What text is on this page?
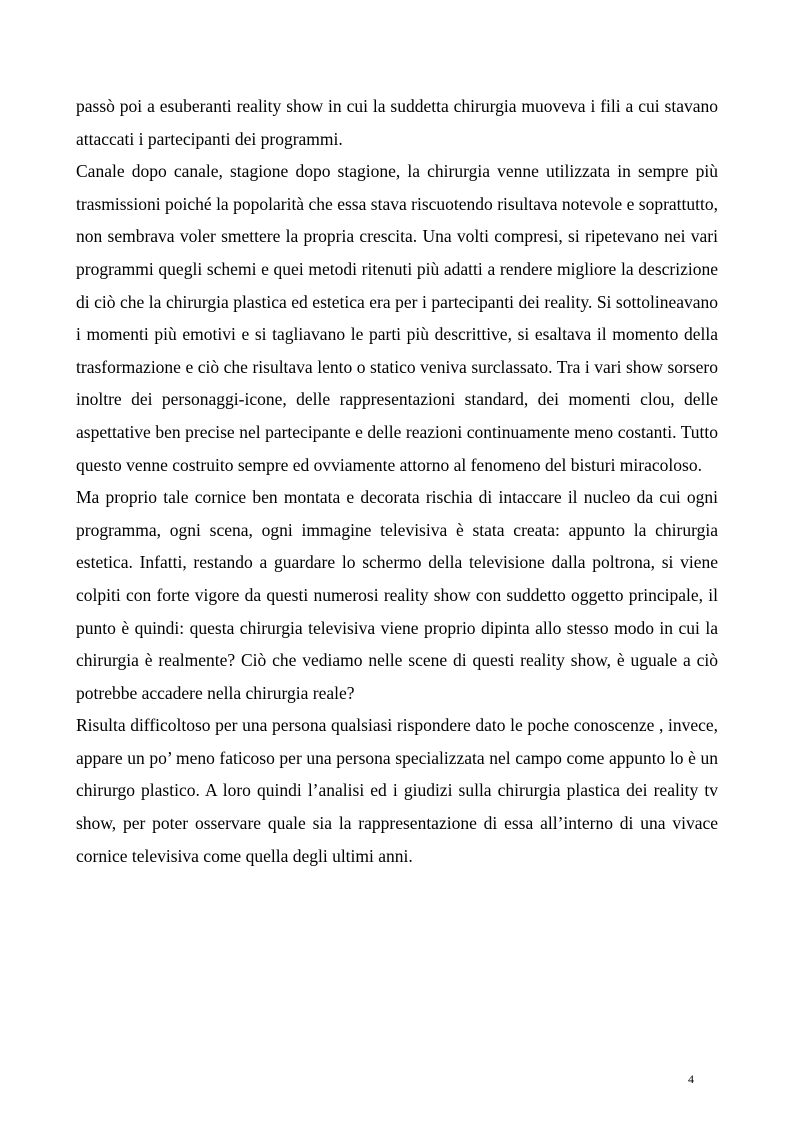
passò poi a esuberanti reality show in cui la suddetta chirurgia muoveva i fili a cui stavano attaccati i partecipanti dei programmi.

Canale dopo canale, stagione dopo stagione, la chirurgia venne utilizzata in sempre più trasmissioni poiché la popolarità che essa stava riscuotendo risultava notevole e soprattutto, non sembrava voler smettere la propria crescita. Una volti compresi, si ripetevano nei vari programmi quegli schemi e quei metodi ritenuti più adatti a rendere migliore la descrizione di ciò che la chirurgia plastica ed estetica era per i partecipanti dei reality. Si sottolineavano i momenti più emotivi e si tagliavano le parti più descrittive, si esaltava il momento della trasformazione e ciò che risultava lento o statico veniva surclassato. Tra i vari show sorsero inoltre dei personaggi-icone, delle rappresentazioni standard, dei momenti clou, delle aspettative ben precise nel partecipante e delle reazioni continuamente meno costanti. Tutto questo venne costruito sempre ed ovviamente attorno al fenomeno del bisturi miracoloso.

Ma proprio tale cornice ben montata e decorata rischia di intaccare il nucleo da cui ogni programma, ogni scena, ogni immagine televisiva è stata creata: appunto la chirurgia estetica. Infatti, restando a guardare lo schermo della televisione dalla poltrona, si viene colpiti con forte vigore da questi numerosi reality show con suddetto oggetto principale, il punto è quindi: questa chirurgia televisiva viene proprio dipinta allo stesso modo in cui la chirurgia è realmente? Ciò che vediamo nelle scene di questi reality show, è uguale a ciò potrebbe accadere nella chirurgia reale?

Risulta difficoltoso per una persona qualsiasi rispondere dato le poche conoscenze , invece, appare un po’ meno faticoso per una persona specializzata nel campo come appunto lo è un chirurgo plastico. A loro quindi l’analisi ed i giudizi sulla chirurgia plastica dei reality tv show, per poter osservare quale sia la rappresentazione di essa all’interno di una vivace cornice televisiva come quella degli ultimi anni.

4
